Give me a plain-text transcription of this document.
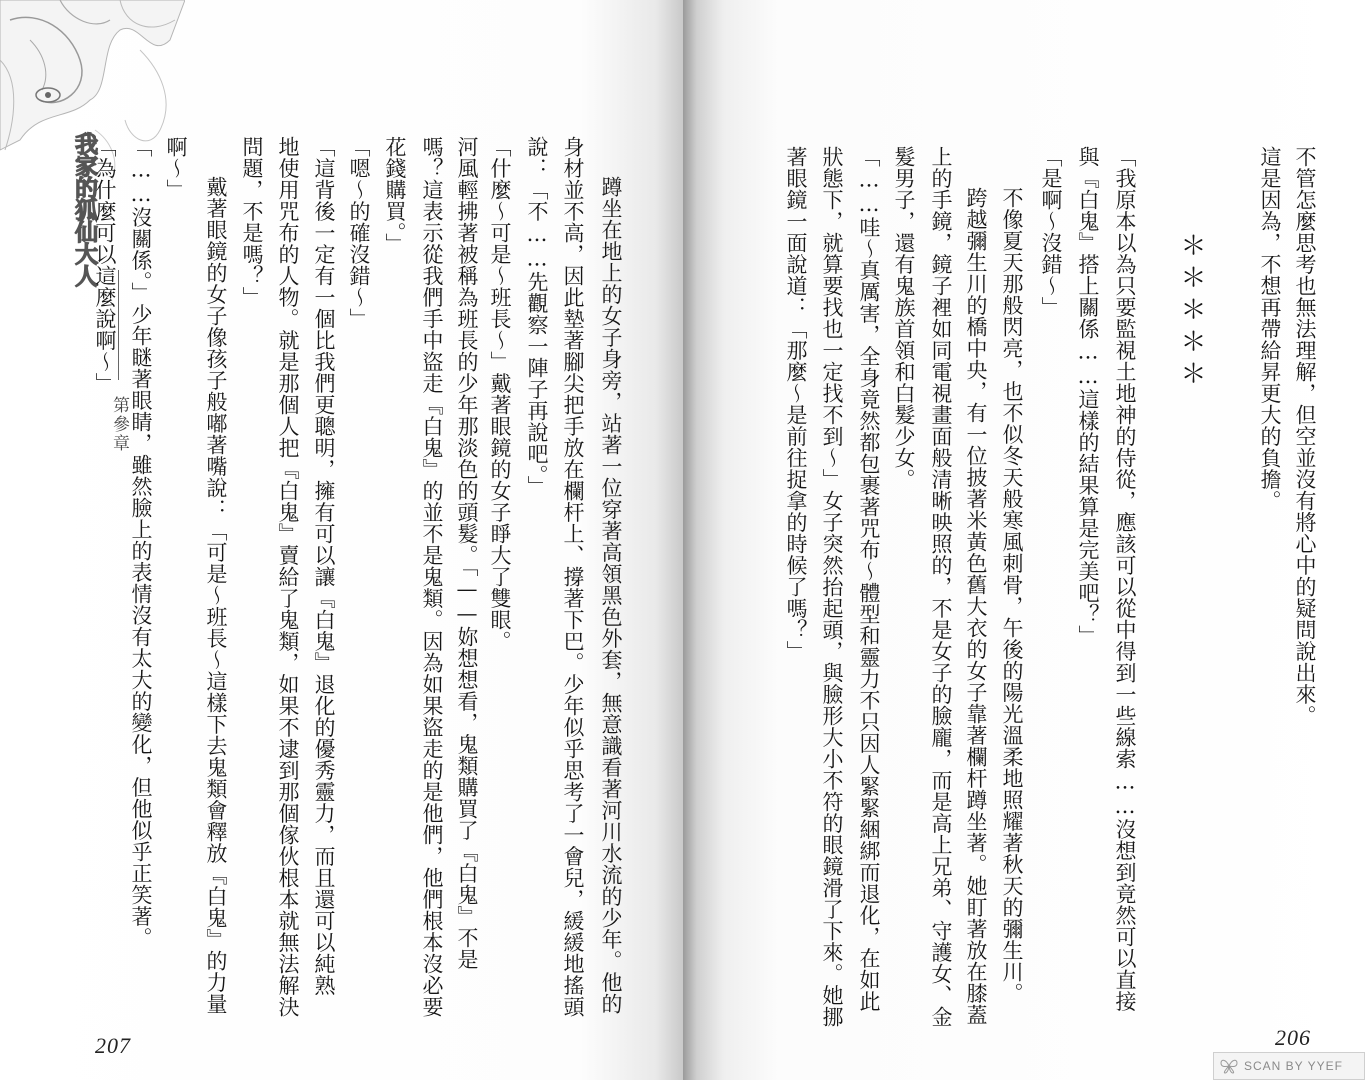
我家的狐仙大人
第參章	蹲坐在地上的女子身旁，站著一位穿著高領黑色外套，無意識看著河川水流的少年。他的
身材並不高，因此墊著腳尖把手放在欄杆上、撐著下巴。少年似乎思考了一會兒，緩緩地搖頭
說：「不……先觀察一陣子再說吧。」
「什麼～可是～班長～」戴著眼鏡的女子睜大了雙眼。
河風輕拂著被稱為班長的少年那淡色的頭髮。「——妳想想看，鬼類購買了『白鬼』不是
嗎？這表示從我們手中盜走『白鬼』的並不是鬼類。因為如果盜走的是他們，他們根本沒必要
花錢購買。」
「嗯～的確沒錯～」
「這背後一定有一個比我們更聰明，擁有可以讓『白鬼』退化的優秀靈力，而且還可以純熟
地使用咒布的人物。就是那個人把『白鬼』賣給了鬼類，如果不逮到那個傢伙根本就無法解決
問題，不是嗎？」
戴著眼鏡的女子像孩子般嘟著嘴說：「可是～班長～這樣下去鬼類會釋放『白鬼』的力量
啊～」
「……沒關係。」少年瞇著眼睛，雖然臉上的表情沒有太大的變化，但他似乎正笑著。
「為什麼可以這麼說啊～」	不管怎麼思考也無法理解，但空並沒有將心中的疑問說出來。
這是因為，不想再帶給昇更大的負擔。
＊＊＊＊＊
「我原本以為只要監視土地神的侍從，應該可以從中得到一些線索……沒想到竟然可以直接
與『白鬼』搭上關係……這樣的結果算是完美吧？」
「是啊～沒錯～」
不像夏天那般閃亮，也不似冬天般寒風刺骨，午後的陽光溫柔地照耀著秋天的彌生川。
跨越彌生川的橋中央，有一位披著米黃色舊大衣的女子靠著欄杆蹲坐著。她盯著放在膝蓋
上的手鏡，鏡子裡如同電視畫面般清晰映照的，不是女子的臉龐，而是高上兄弟、守護女、金
髮男子，還有鬼族首領和白髮少女。
「……哇～真厲害，全身竟然都包裹著咒布～體型和靈力不只因人緊緊綑綁而退化，在如此
狀態下，就算要找也一定找不到～」女子突然抬起頭，與臉形大小不符的眼鏡滑了下來。她挪
著眼鏡一面說道：「那麼～是前往捉拿的時候了嗎？」
207	206
SCAN BY YYEF
